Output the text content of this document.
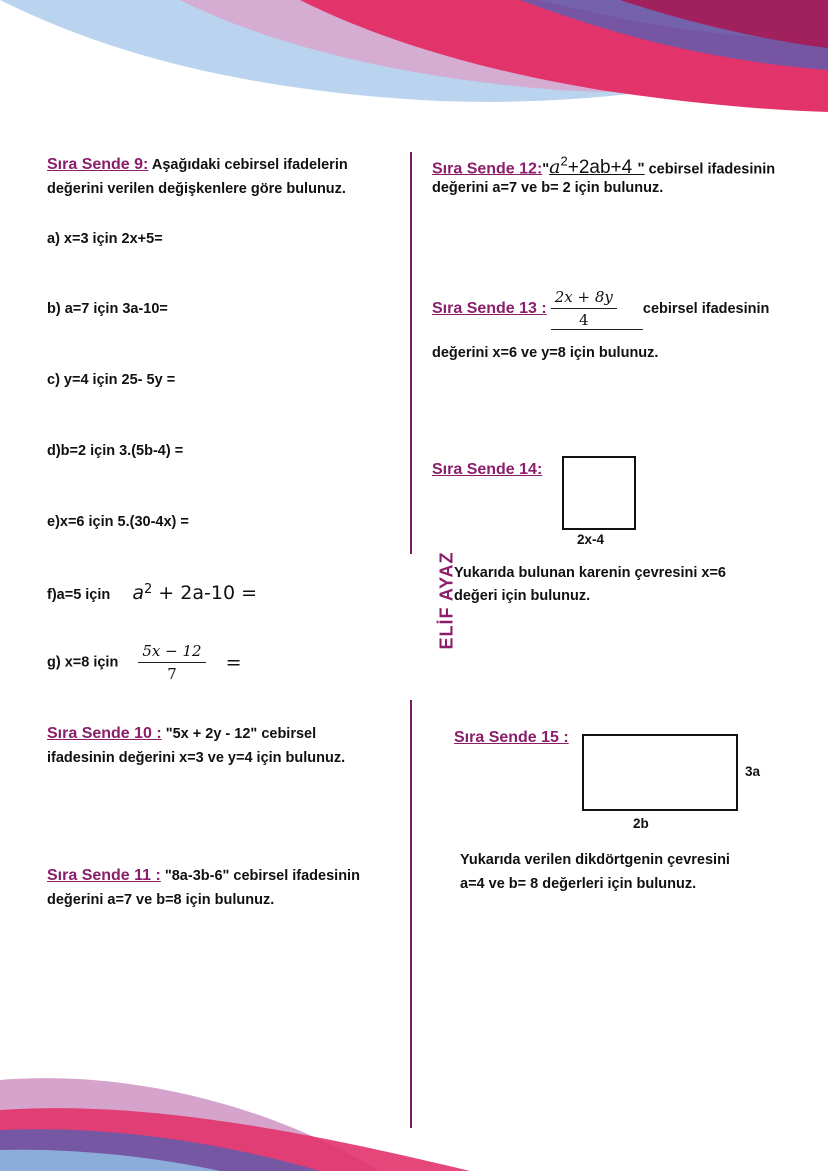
ELİF AYAZ
Sıra Sende 9: Aşağıdaki cebirsel ifadelerin
değerini verilen değişkenlere göre bulunuz.
a) x=3 için 2x+5=
b) a=7 için 3a-10=
c) y=4 için 25- 5y =
d)b=2 için 3.(5b-4) =
e)x=6 için 5.(30-4x) =
f)a=5 için $a^2 + 2a-10$ =
g) x=8 için $\frac{5x - 12}{7}$ =
Sıra Sende 10 : ʺ5x + 2y - 12ʺ cebirsel
ifadesinin değerini x=3 ve y=4 için bulunuz.
Sıra Sende 11 : ʺ8a-3b-6ʺ cebirsel ifadesinin
değerini a=7 ve b=8 için bulunuz.
Sıra Sende 12:ʺa$^2$+2ab+4 ʺ cebirsel ifadesinin
değerini a=7 ve b= 2 için bulunuz.
Sıra Sende 13 : $\frac{2x + 8y}{4}$ cebirsel ifadesinin
değerini x=6 ve y=8 için bulunuz.
Sıra Sende 14:
2x-4
Yukarıda bulunan karenin çevresini x=6
değeri için bulunuz.
Sıra Sende 15 :
3a
2b
Yukarıda verilen dikdörtgenin çevresini
a=4 ve b= 8 değerleri için bulunuz.
